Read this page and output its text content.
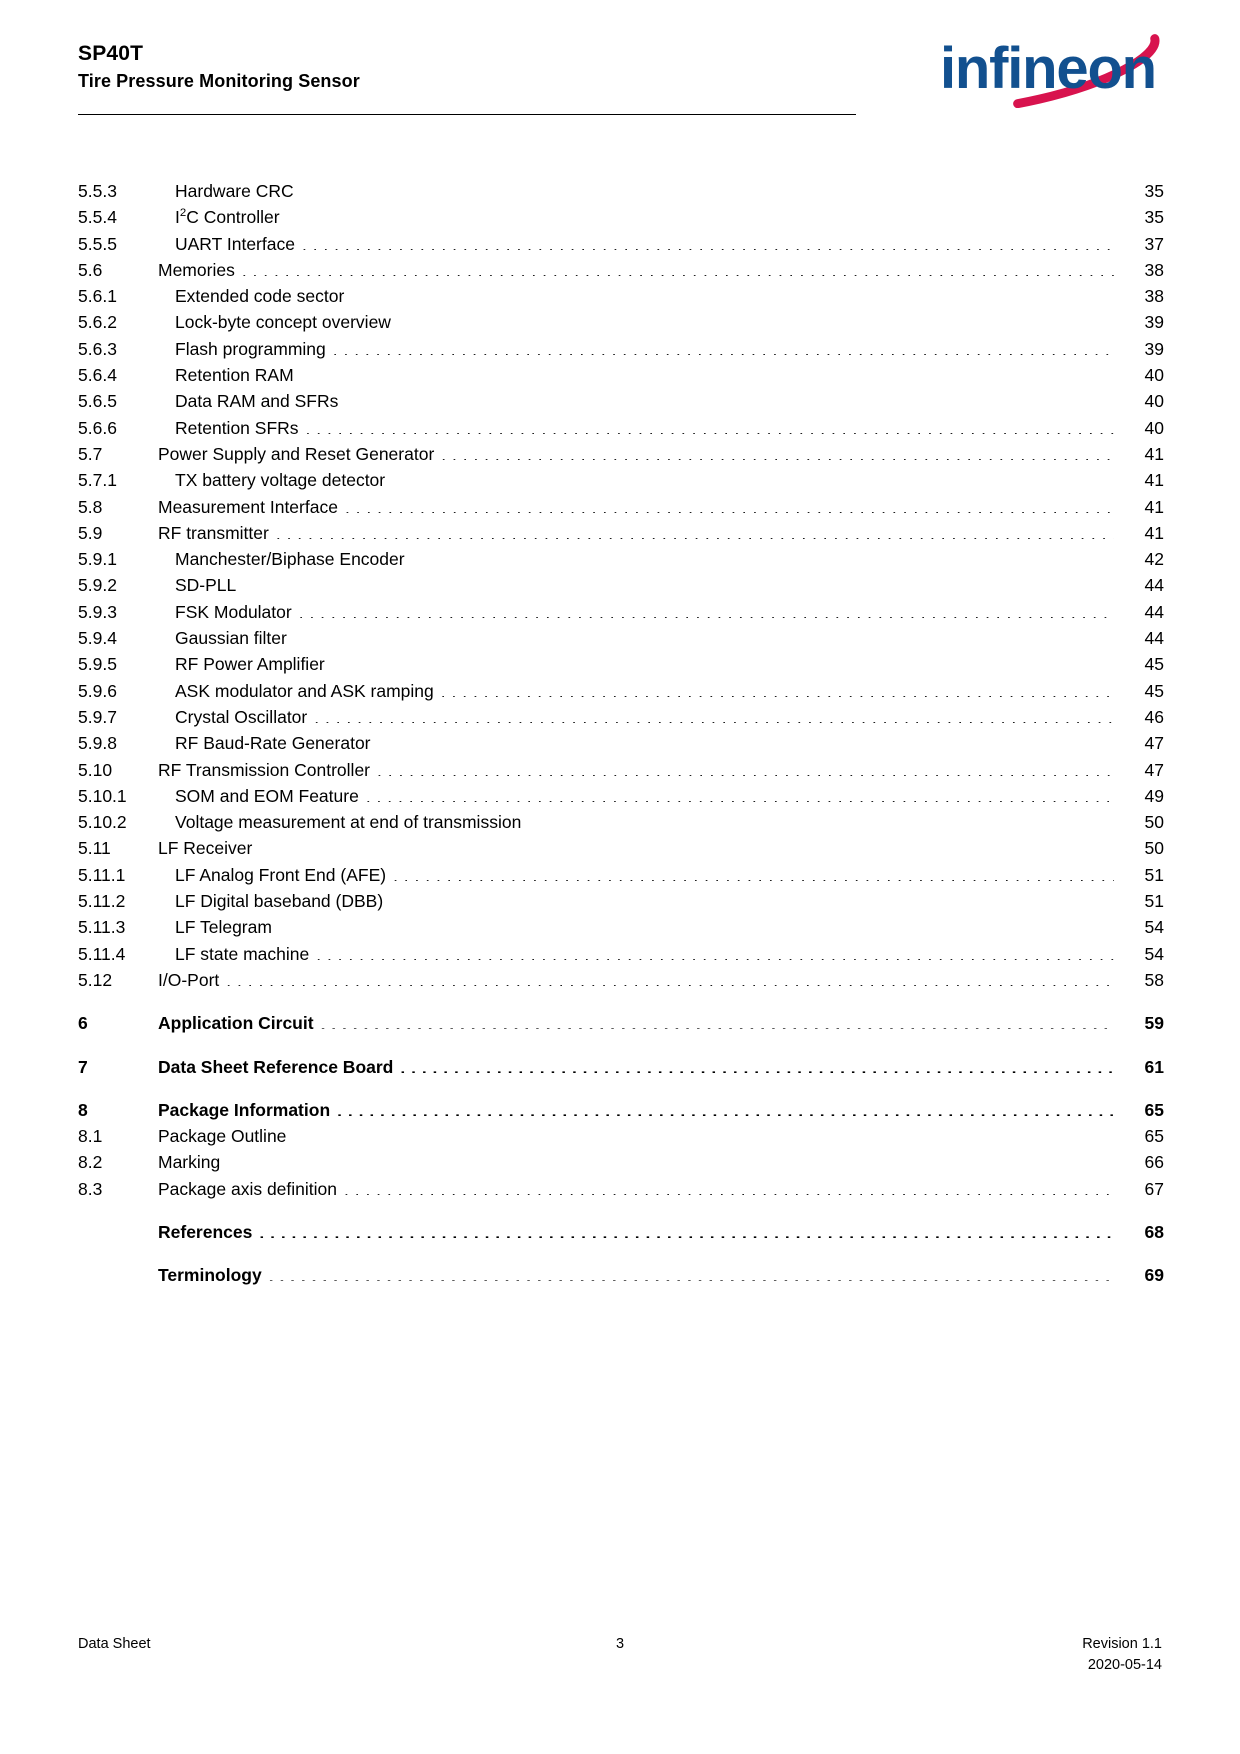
SP40T
Tire Pressure Monitoring Sensor	infineon
5.5.3	Hardware CRC . . .	35
5.5.4	$I^2C$ Controller . . .	35
5.5.5	UART Interface . . .	37
5.6	Memories . . .	38
5.6.1	Extended code sector . . .	38
5.6.2	Lock-byte concept overview . . .	39
5.6.3	Flash programming . . .	39
5.6.4	Retention RAM . . .	40
5.6.5	Data RAM and SFRs . . .	40
5.6.6	Retention SFRs . . .	40
5.7	Power Supply and Reset Generator . . .	41
5.7.1	TX battery voltage detector . . .	41
5.8	Measurement Interface . . .	41
5.9	RF transmitter . . .	41
5.9.1	Manchester/Biphase Encoder . . .	42
5.9.2	SD-PLL . . .	44
5.9.3	FSK Modulator . . .	44
5.9.4	Gaussian filter . . .	44
5.9.5	RF Power Amplifier . . .	45
5.9.6	ASK modulator and ASK ramping . . .	45
5.9.7	Crystal Oscillator . . .	46
5.9.8	RF Baud-Rate Generator . . .	47
5.10	RF Transmission Controller . . .	47
5.10.1	SOM and EOM Feature . . .	49
5.10.2	Voltage measurement at end of transmission . . .	50
5.11	LF Receiver . . .	50
5.11.1	LF Analog Front End (AFE) . . .	51
5.11.2	LF Digital baseband (DBB) . . .	51
5.11.3	LF Telegram . . .	54
5.11.4	LF state machine . . .	54
5.12	I/O-Port . . .	58
6	Application Circuit . . .	59
7	Data Sheet Reference Board . . .	61
8	Package Information . . .	65
8.1	Package Outline . . .	65
8.2	Marking . . .	66
8.3	Package axis definition . . .	67
References . . .	68
Terminology . . .	69
Data Sheet	3	Revision 1.1
2020-05-14
